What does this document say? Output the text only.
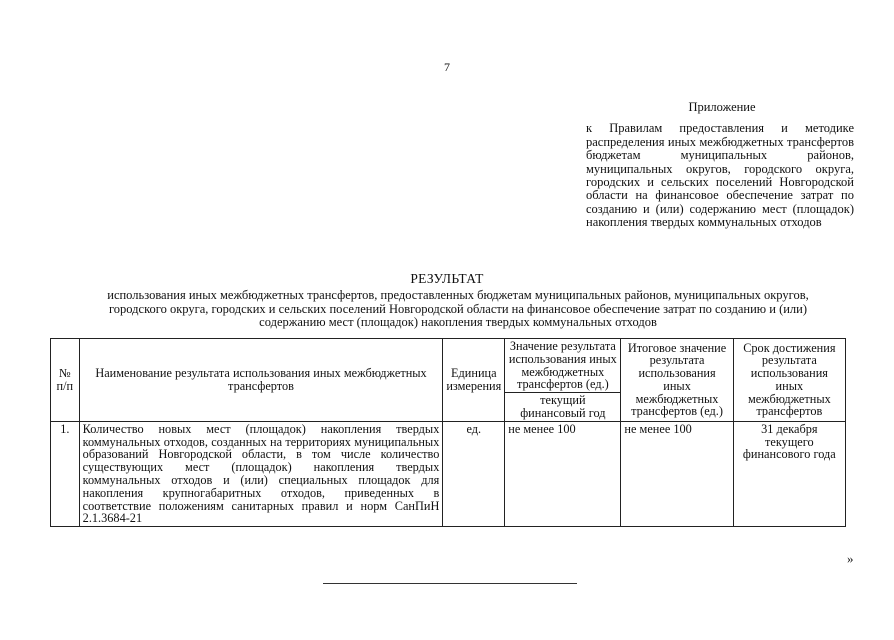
7
Приложение
к Правилам предоставления и методике распределения иных межбюджетных трансфертов бюджетам муниципальных районов, муниципальных округов, городского округа, городских и сельских поселений Новгородской области на финансовое обеспечение затрат по созданию и (или) содержанию мест (площадок) накопления твердых коммунальных отходов
РЕЗУЛЬТАТ
использования иных межбюджетных трансфертов, предоставленных бюджетам муниципальных районов, муниципальных округов, городского округа, городских и сельских поселений Новгородской области на финансовое обеспечение затрат по созданию и (или) содержанию мест (площадок) накопления твердых коммунальных отходов
№ п/п	Наименование результата использования иных межбюджетных трансфертов	Единица измерения	Значение результата использования иных межбюджетных трансфертов (ед.)	Итоговое значение результата использования иных межбюджетных трансфертов (ед.)	Срок достижения результата использования иных межбюджетных трансфертов
			текущий финансовый год		
1.	Количество новых мест (площадок) накопления твердых коммунальных отходов, созданных на территориях муниципальных образований Новгородской области, в том числе количество существующих мест (площадок) накопления твердых коммунальных отходов и (или) специальных площадок для накопления крупногабаритных отходов, приведенных в соответствие положениям санитарных правил и норм СанПиН 2.1.3684-21	ед.	не менее 100	не менее 100	31 декабря текущего финансового года
»
